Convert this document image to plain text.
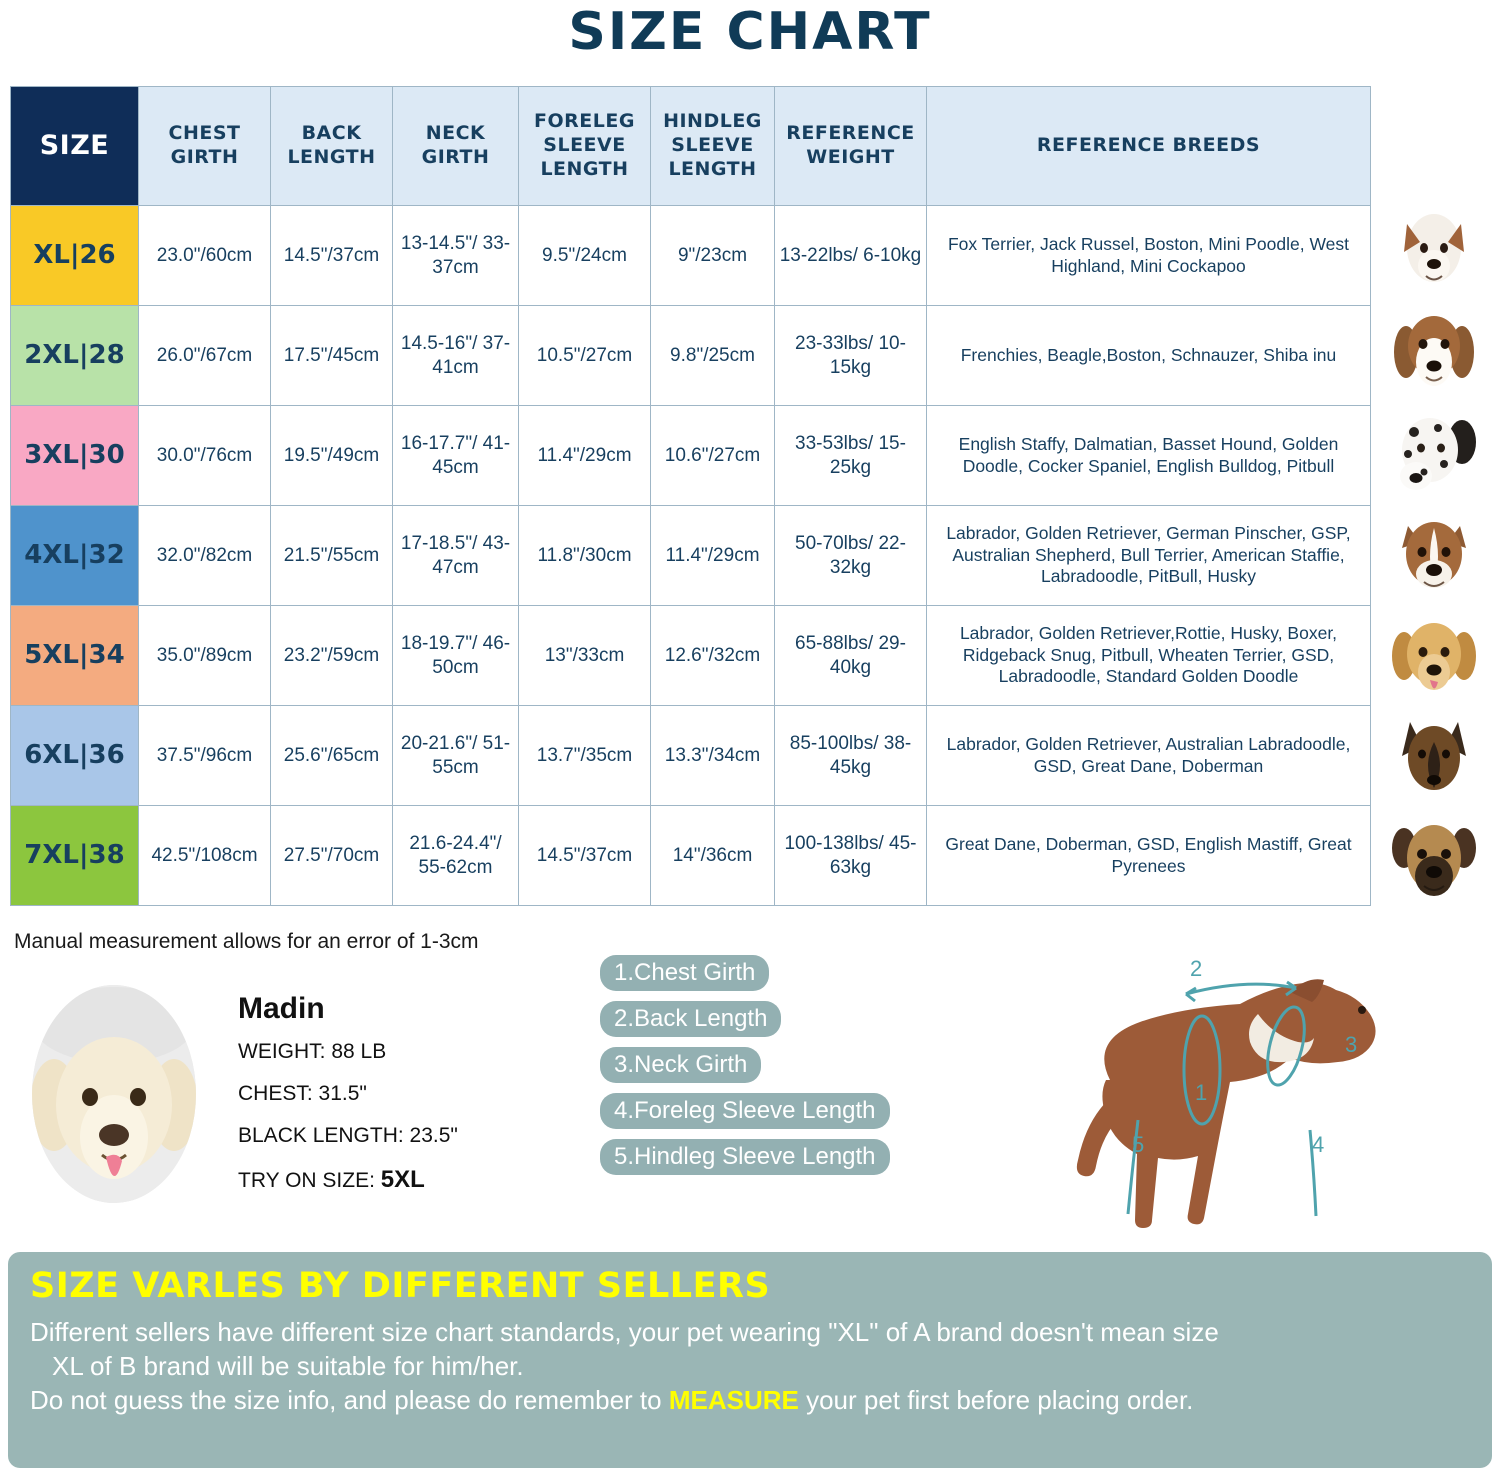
SIZE CHART
SIZE	CHEST GIRTH	BACK LENGTH	NECK GIRTH	FORELEG SLEEVE LENGTH	HINDLEG SLEEVE LENGTH	REFERENCE WEIGHT	REFERENCE BREEDS
XL|26	23.0"/60cm	14.5"/37cm	13-14.5"/ 33-37cm	9.5"/24cm	9"/23cm	13-22lbs/ 6-10kg	Fox Terrier, Jack Russel, Boston, Mini Poodle, West Highland, Mini Cockapoo
2XL|28	26.0"/67cm	17.5"/45cm	14.5-16"/ 37-41cm	10.5"/27cm	9.8"/25cm	23-33lbs/ 10-15kg	Frenchies, Beagle,Boston, Schnauzer, Shiba inu
3XL|30	30.0"/76cm	19.5"/49cm	16-17.7"/ 41-45cm	11.4"/29cm	10.6"/27cm	33-53lbs/ 15-25kg	English Staffy, Dalmatian, Basset Hound, Golden Doodle, Cocker Spaniel, English Bulldog, Pitbull
4XL|32	32.0"/82cm	21.5"/55cm	17-18.5"/ 43-47cm	11.8"/30cm	11.4"/29cm	50-70lbs/ 22-32kg	Labrador, Golden Retriever, German Pinscher, GSP, Australian Shepherd, Bull Terrier, American Staffie, Labradoodle, PitBull, Husky
5XL|34	35.0"/89cm	23.2"/59cm	18-19.7"/ 46-50cm	13"/33cm	12.6"/32cm	65-88lbs/ 29-40kg	Labrador, Golden Retriever,Rottie, Husky, Boxer, Ridgeback Snug, Pitbull, Wheaten Terrier, GSD, Labradoodle, Standard Golden Doodle
6XL|36	37.5"/96cm	25.6"/65cm	20-21.6"/ 51-55cm	13.7"/35cm	13.3"/34cm	85-100lbs/ 38-45kg	Labrador, Golden Retriever, Australian Labradoodle, GSD, Great Dane, Doberman
7XL|38	42.5"/108cm	27.5"/70cm	21.6-24.4"/ 55-62cm	14.5"/37cm	14"/36cm	100-138lbs/ 45-63kg	Great Dane, Doberman, GSD, English Mastiff, Great Pyrenees
Manual measurement allows for an error of 1-3cm
Madin
WEIGHT: 88 LB
CHEST: 31.5"
BLACK LENGTH: 23.5"
TRY ON SIZE: 5XL
1.Chest Girth
2.Back Length
3.Neck Girth
4.Foreleg Sleeve Length
5.Hindleg Sleeve Length
1
2
3
4
5
SIZE VARLES BY DIFFERENT SELLERS
Different sellers have different size chart standards, your pet wearing "XL" of A brand doesn't mean size
XL of B brand will be suitable for him/her.
Do not guess the size info, and please do remember to MEASURE your pet first before placing order.
